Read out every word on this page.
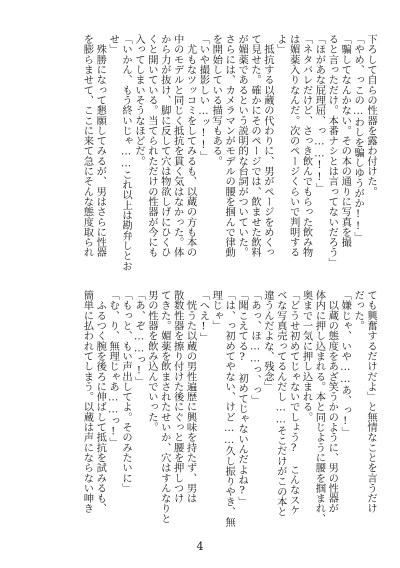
下ろして自らの性器を露わ付けた。
「やめ、っこの…わしを騙しゆうがか!!」
「騙してなんかない。その本の通りに写真を撮
ると言っただけ。本番ナシとは言ってないだろう」
「ほがあな屁理屈、っ……!!」
「ネタバレだけど、さっき飲んでもらった飲み物
は媚薬入りなんだ。次のページくらいで判明する
よ」
　抵抗する以蔵の代わりに、男がページをめくっ
て見せた。確かにそのページでは、飲ませた飲料
が媚薬であるという説明的な台詞がついていた。
さらには、カメラマンがモデルの腰を掴んで律動
を開始している描写もある。
「いや撮影しい…ッ!!」
　尤もなツッコミをしてみるも、以蔵の方も本の
中のモデルと同じく抵抗を貫く気はなかった。体
から力が抜け、脚に反して穴は物欲しげにひくひ
くと開いている。当てられただけの性器が今にも
入ってしまいそうなほどだ。
「いかん、もう終いじゃ……これ以上は勘弁しとお
せ」
　殊勝になって懇願してみるが、男はさらに性器
を膨らませて、ここに来て急にそんな態度取られ
ても興奮するだけだよ」と無情なことを言うだけ
だった。
「嫌じゃ、いや……あ、っ!」
　以蔵の態度をあざ笑うかのように、男の性器が
体内に押し込まれる。本と同じように腰を掴まれ、
奥まで一気に押し込まれる。
「どうせ初めてじゃないでしょう?　こんなスケ
ベな写真売ってるんだし……そこだけがこの本と
違うんだよな、残念」
「あっ、ほ……っ、っ」
「聞こえてる?　初めてじゃないんだよね?」
「は、っ初めてやない、けど……久し振りやき、無
理じゃ」
「へえ!」
　恍うた以蔵の男性遍歴に興味を持たず、男は
散数性器を擦り付けた後にぐっと腰を押しつけ
てきた。媚薬を飲まされたせいか、穴はすんなりと
男の性器を飲み込んでいった。
「あ、ぞ……っ!」
「もっと、もい声出してよ。そのみたいに」
「む、り、無理じゃあ……っ!」
　ふるつく腕を後ろに伸ばして抵抗を試みるも、
簡単に払われてしまう。以蔵は声にならない呻き
4
